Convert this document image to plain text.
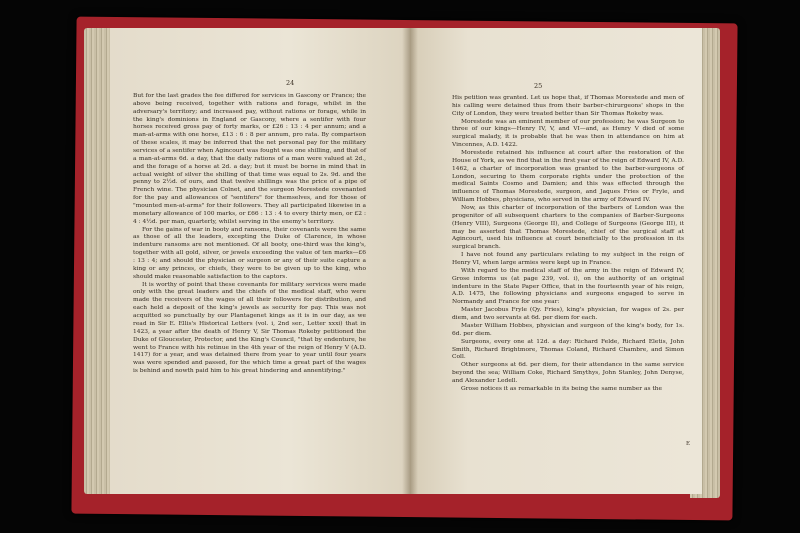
24

But for the last grades the fee differed for services in Gascony or France; the above being received, together with rations and forage, whilst in the adversary's territory; and increased pay, without rations or forage, while in the king's dominions in England or Gascony, where a sentifer with four horses received gross pay of forty marks, or £26 : 13 : 4 per annum; and a man-at-arms with one horse, £13 : 6 : 8 per annum, pro rata. By comparison of these scales, it may be inferred that the net personal pay for the military services of a sentifer when Agincourt was fought was one shilling, and that of a man-at-arms 6d. a day, that the daily rations of a man were valued at 2d., and the forage of a horse at 2d. a day; but it must be borne in mind that in actual weight of silver the shilling of that time was equal to 2s. 9d. and the penny to 2½d. of ours, and that twelve shillings was the price of a pipe of French wine. The physician Colnet, and the surgeon Morestede covenanted for the pay and allowances of "sentifers" for themselves, and for those of "mounted men-at-arms" for their followers. They all participated likewise in a monetary allowance of 100 marks, or £66 : 13 : 4 to every thirty men, or £2 : 4 : 4½d. per man, quarterly, whilst serving in the enemy's territory.

For the gains of war in booty and ransoms, their covenants were the same as those of all the leaders, excepting the Duke of Clarence, in whose indenture ransoms are not mentioned. Of all booty, one-third was the king's, together with all gold, silver, or jewels exceeding the value of ten marks—£6 : 13 : 4; and should the physician or surgeon or any of their suite capture a king or any princes, or chiefs, they were to be given up to the king, who should make reasonable satisfaction to the captors.

It is worthy of point that these covenants for military services were made only with the great leaders and the chiefs of the medical staff, who were made the receivers of the wages of all their followers for distribution, and each held a deposit of the king's jewels as security for pay. This was not acquitted so punctually by our Plantagenet kings as it is in our day, as we read in Sir E. Ellis's Historical Letters (vol. i, 2nd ser., Letter xxxi) that in 1423, a year after the death of Henry V, Sir Thomas Rokeby petitioned the Duke of Gloucester, Protector, and the King's Council, "that by endenture, he went to France with his retinue in the 4th year of the reign of Henry V (A.D. 1417) for a year, and was detained there from year to year until four years was were spended and passed, for the which time a great part of the wages is behind and nowth paid him to his great hindering and annentifying."

25

His petition was granted. Let us hope that, if Thomas Morestede and men of his calling were detained thus from their barber-chirurgeons' shops in the City of London, they were treated better than Sir Thomas Rokeby was.

Morestede was an eminent member of our profession; he was Surgeon to three of our kings—Henry IV, V, and VI—and, as Henry V died of some surgical malady, it is probable that he was then in attendance on him at Vincennes, A.D. 1422.

Morestede retained his influence at court after the restoration of the House of York, as we find that in the first year of the reign of Edward IV, A.D. 1462, a charter of incorporation was granted to the barber-surgeons of London, securing to them corporate rights under the protection of the medical Saints Cosmo and Damien; and this was effected through the influence of Thomas Morestede, surgeon, and Jaques Fries or Fryle, and William Hobbes, physicians, who served in the army of Edward IV.

Now, as this charter of incorporation of the barbers of London was the progenitor of all subsequent charters to the companies of Barber-Surgeons (Henry VIII), Surgeons (George II), and College of Surgeons (George III), it may be asserted that Thomas Morestede, chief of the surgical staff at Agincourt, used his influence at court beneficially to the profession in its surgical branch.

I have not found any particulars relating to my subject in the reign of Henry VI, when large armies were kept up in France.

With regard to the medical staff of the army in the reign of Edward IV, Grose informs us (at page 239, vol. i), on the authority of an original indenture in the State Paper Office, that in the fourteenth year of his reign, A.D. 1475, the following physicians and surgeons engaged to serve in Normandy and France for one year:

Master Jacobus Fryle (Qy. Fries), king's physician, for wages of 2s. per diem, and two servants at 6d. per diem for each.

Master William Hobbes, physician and surgeon of the king's body, for 1s. 6d. per diem.

Surgeons, every one at 12d. a day: Richard Felde, Richard Eletis, John Smith, Richard Brightmore, Thomas Coland, Richard Chambre, and Simon Coll.

Other surgeons at 6d. per diem, for their attendance in the same service beyond the sea; William Coke, Richard Smythys, John Stanley, John Denyse, and Alexander Ledell.

Grose notices it as remarkable in its being the same number as the

E
